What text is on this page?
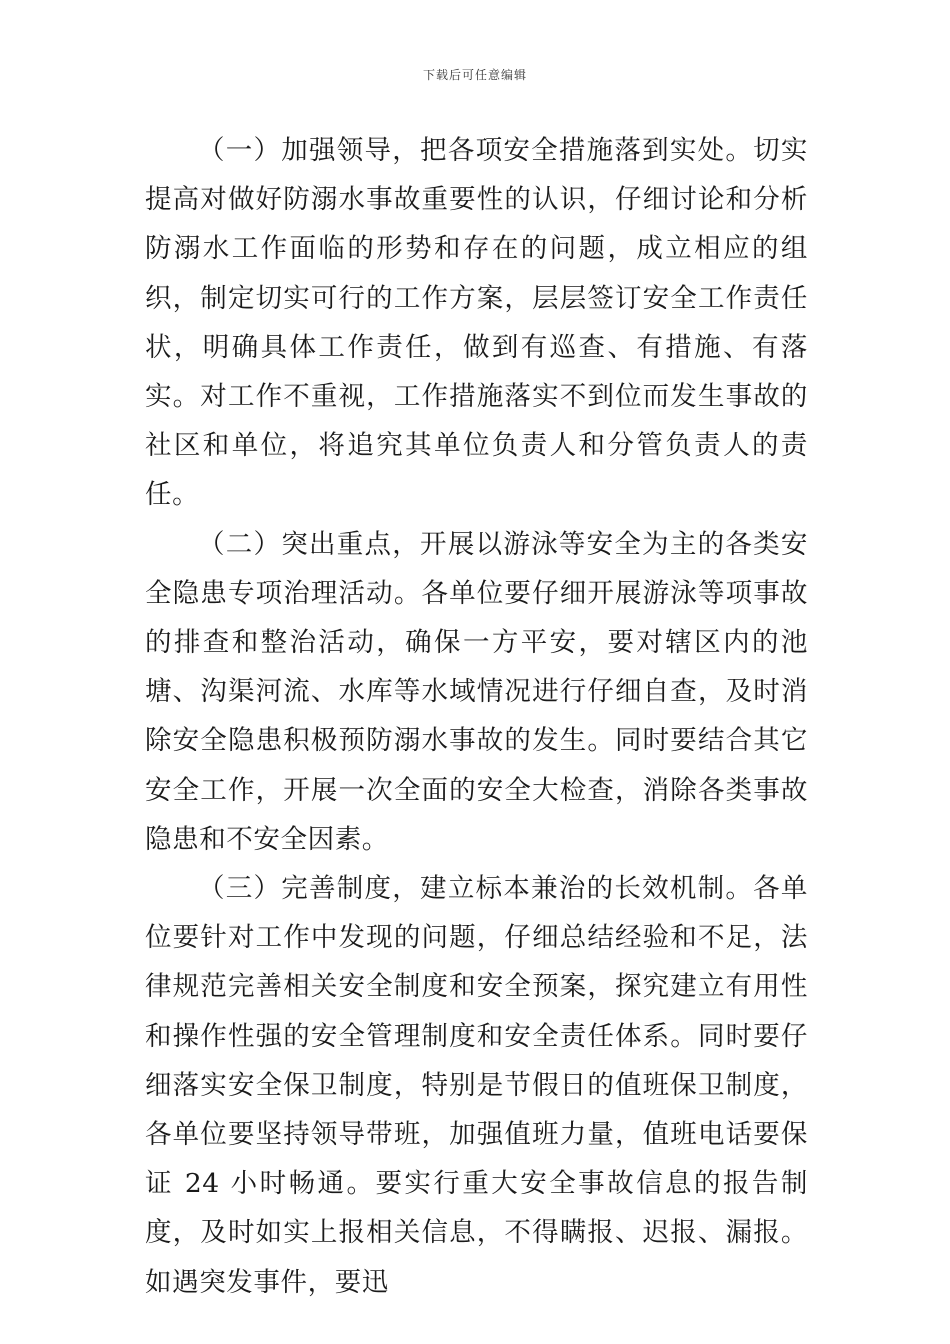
下载后可任意编辑

（一）加强领导，把各项安全措施落到实处。切实提高对做好防溺水事故重要性的认识，仔细讨论和分析防溺水工作面临的形势和存在的问题，成立相应的组织，制定切实可行的工作方案，层层签订安全工作责任状，明确具体工作责任，做到有巡查、有措施、有落实。对工作不重视，工作措施落实不到位而发生事故的社区和单位，将追究其单位负责人和分管负责人的责任。

（二）突出重点，开展以游泳等安全为主的各类安全隐患专项治理活动。各单位要仔细开展游泳等项事故的排查和整治活动，确保一方平安，要对辖区内的池塘、沟渠河流、水库等水域情况进行仔细自查，及时消除安全隐患积极预防溺水事故的发生。同时要结合其它安全工作，开展一次全面的安全大检查，消除各类事故隐患和不安全因素。

（三）完善制度，建立标本兼治的长效机制。各单位要针对工作中发现的问题，仔细总结经验和不足，法律规范完善相关安全制度和安全预案，探究建立有用性和操作性强的安全管理制度和安全责任体系。同时要仔细落实安全保卫制度，特别是节假日的值班保卫制度，各单位要坚持领导带班，加强值班力量，值班电话要保证 24 小时畅通。要实行重大安全事故信息的报告制度，及时如实上报相关信息，不得瞒报、迟报、漏报。如遇突发事件，要迅
